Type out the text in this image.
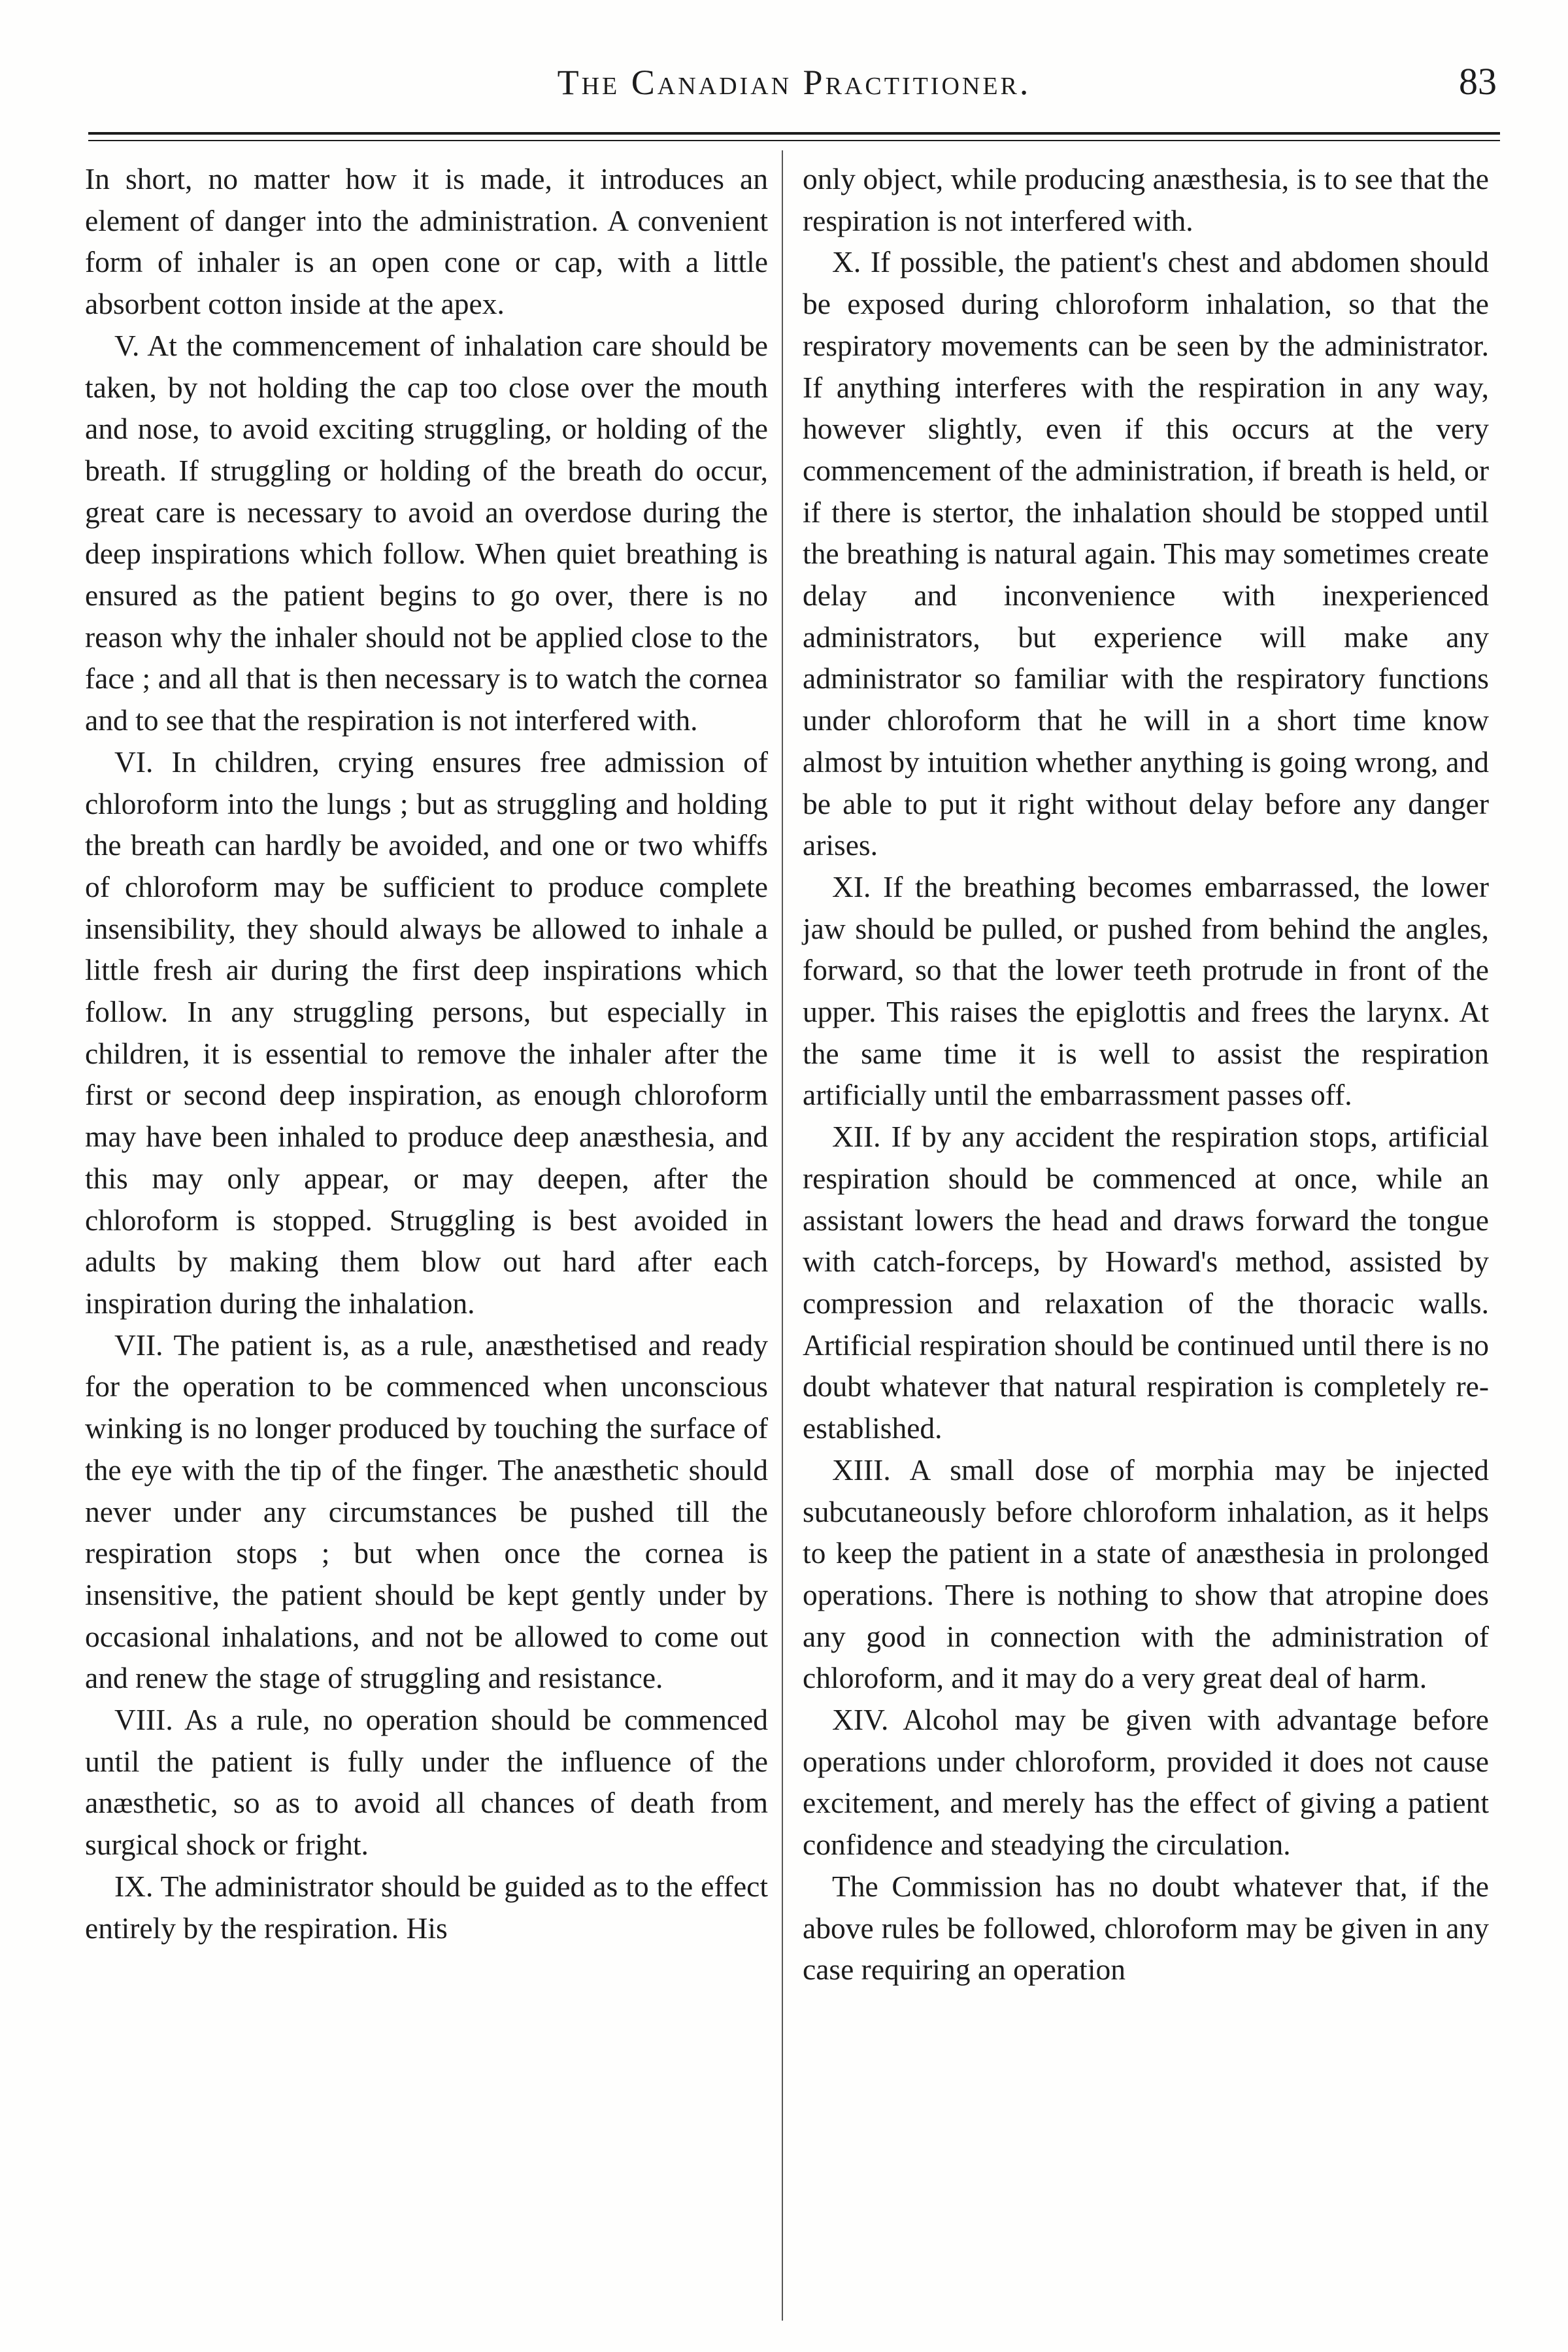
The Canadian Practitioner.	83

In short, no matter how it is made, it introduces an element of danger into the administration. A convenient form of inhaler is an open cone or cap, with a little absorbent cotton inside at the apex.

V. At the commencement of inhalation care should be taken, by not holding the cap too close over the mouth and nose, to avoid exciting struggling, or holding of the breath. If struggling or holding of the breath do occur, great care is necessary to avoid an overdose during the deep inspirations which follow. When quiet breathing is ensured as the patient begins to go over, there is no reason why the inhaler should not be applied close to the face ; and all that is then necessary is to watch the cornea and to see that the respiration is not interfered with.

VI. In children, crying ensures free admission of chloroform into the lungs ; but as struggling and holding the breath can hardly be avoided, and one or two whiffs of chloroform may be sufficient to produce complete insensibility, they should always be allowed to inhale a little fresh air during the first deep inspirations which follow. In any struggling persons, but especially in children, it is essential to remove the inhaler after the first or second deep inspiration, as enough chloroform may have been inhaled to produce deep anæsthesia, and this may only appear, or may deepen, after the chloroform is stopped. Struggling is best avoided in adults by making them blow out hard after each inspiration during the inhalation.

VII. The patient is, as a rule, anæsthetised and ready for the operation to be commenced when unconscious winking is no longer produced by touching the surface of the eye with the tip of the finger. The anæsthetic should never under any circumstances be pushed till the respiration stops ; but when once the cornea is insensitive, the patient should be kept gently under by occasional inhalations, and not be allowed to come out and renew the stage of struggling and resistance.

VIII. As a rule, no operation should be commenced until the patient is fully under the influence of the anæsthetic, so as to avoid all chances of death from surgical shock or fright.

IX. The administrator should be guided as to the effect entirely by the respiration. His

only object, while producing anæsthesia, is to see that the respiration is not interfered with.

X. If possible, the patient's chest and abdomen should be exposed during chloroform inhalation, so that the respiratory movements can be seen by the administrator. If anything interferes with the respiration in any way, however slightly, even if this occurs at the very commencement of the administration, if breath is held, or if there is stertor, the inhalation should be stopped until the breathing is natural again. This may sometimes create delay and inconvenience with inexperienced administrators, but experience will make any administrator so familiar with the respiratory functions under chloroform that he will in a short time know almost by intuition whether anything is going wrong, and be able to put it right without delay before any danger arises.

XI. If the breathing becomes embarrassed, the lower jaw should be pulled, or pushed from behind the angles, forward, so that the lower teeth protrude in front of the upper. This raises the epiglottis and frees the larynx. At the same time it is well to assist the respiration artificially until the embarrassment passes off.

XII. If by any accident the respiration stops, artificial respiration should be commenced at once, while an assistant lowers the head and draws forward the tongue with catch-forceps, by Howard's method, assisted by compression and relaxation of the thoracic walls. Artificial respiration should be continued until there is no doubt whatever that natural respiration is completely re-established.

XIII. A small dose of morphia may be injected subcutaneously before chloroform inhalation, as it helps to keep the patient in a state of anæsthesia in prolonged operations. There is nothing to show that atropine does any good in connection with the administration of chloroform, and it may do a very great deal of harm.

XIV. Alcohol may be given with advantage before operations under chloroform, provided it does not cause excitement, and merely has the effect of giving a patient confidence and steadying the circulation.

The Commission has no doubt whatever that, if the above rules be followed, chloroform may be given in any case requiring an operation
